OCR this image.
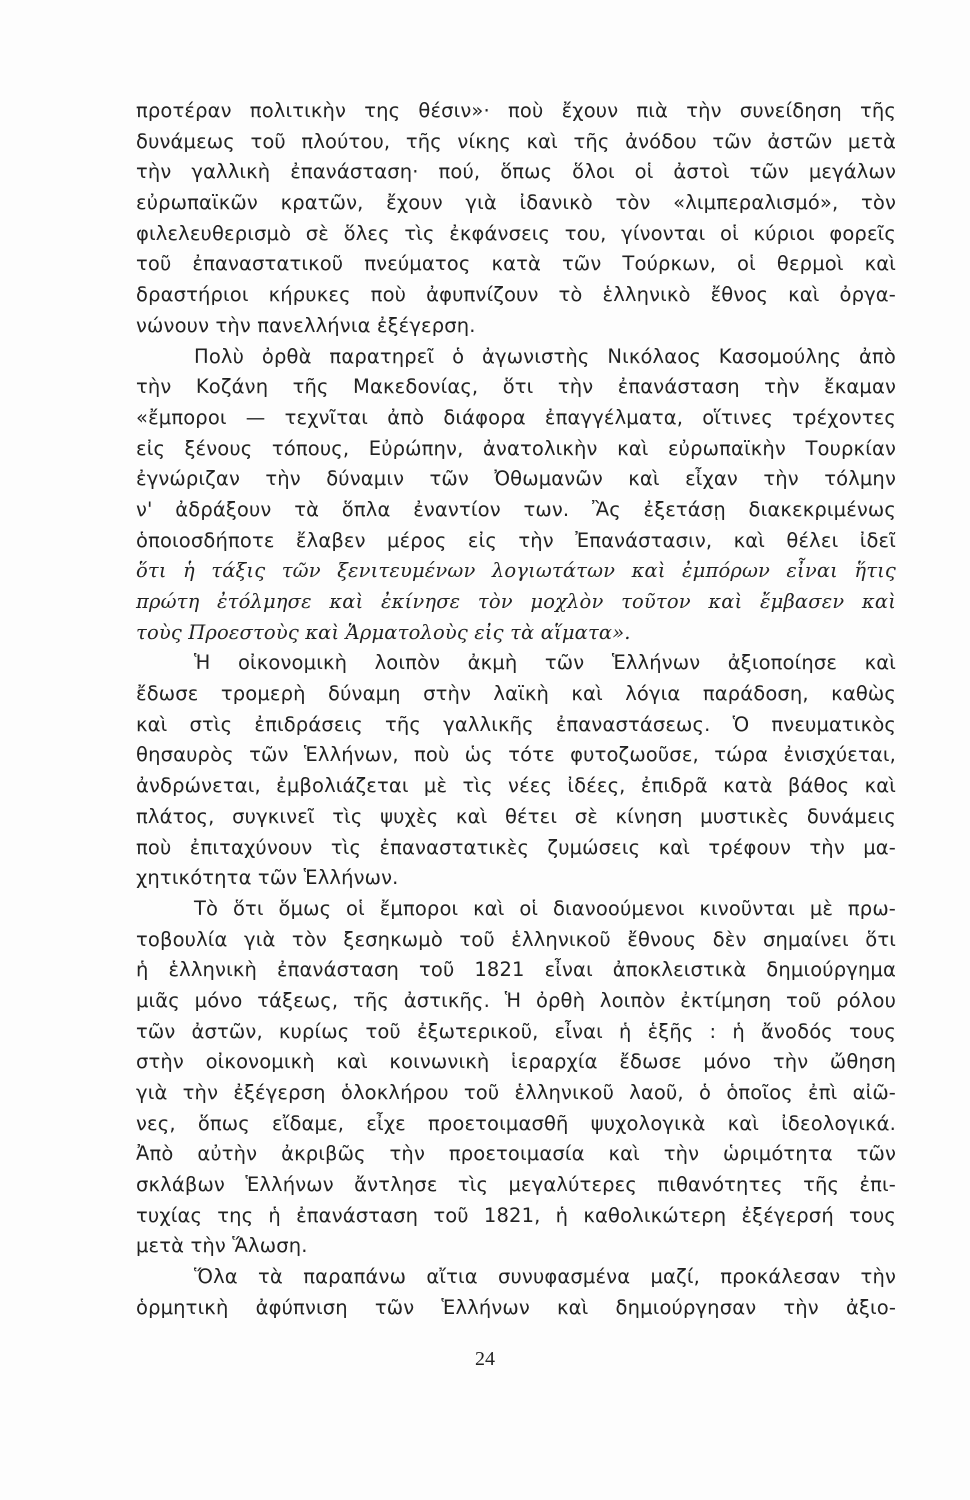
προτέραν πολιτικὴν της θέσιν»· ποὺ ἔχουν πιὰ τὴν συνείδηση τῆς
δυνάμεως τοῦ πλούτου, τῆς νίκης καὶ τῆς ἀνόδου τῶν ἀστῶν μετὰ
τὴν γαλλικὴ ἐπανάσταση· πού, ὅπως ὅλοι οἱ ἀστοὶ τῶν μεγάλων
εὐρωπαϊκῶν κρατῶν, ἔχουν γιὰ ἰδανικὸ τὸν «λιμπεραλισμό», τὸν
φιλελευθερισμὸ σὲ ὅλες τὶς ἐκφάνσεις του, γίνονται οἱ κύριοι φορεῖς
τοῦ ἐπαναστατικοῦ πνεύματος κατὰ τῶν Τούρκων, οἱ θερμοὶ καὶ
δραστήριοι κήρυκες ποὺ ἀφυπνίζουν τὸ ἑλληνικὸ ἔθνος καὶ ὀργα-
νώνουν τὴν πανελλήνια ἐξέγερση.
Πολὺ ὀρθὰ παρατηρεῖ ὁ ἀγωνιστὴς Νικόλαος Κασομούλης ἀπὸ
τὴν Κοζάνη τῆς Μακεδονίας, ὅτι τὴν ἐπανάσταση τὴν ἔκαμαν
«ἔμποροι — τεχνῖται ἀπὸ διάφορα ἐπαγγέλματα, οἵτινες τρέχοντες
εἰς ξένους τόπους, Εὐρώπην, ἀνατολικὴν καὶ εὐρωπαϊκὴν Τουρκίαν
ἐγνώριζαν τὴν δύναμιν τῶν Ὀθωμανῶν καὶ εἶχαν τὴν τόλμην
ν' ἀδράξουν τὰ ὅπλα ἐναντίον των. Ἂς ἐξετάσῃ διακεκριμένως
ὁποιοσδήποτε ἔλαβεν μέρος εἰς τὴν Ἐπανάστασιν, καὶ θέλει ἰδεῖ
ὅτι ἡ τάξις τῶν ξενιτευμένων λογιωτάτων καὶ ἐμπόρων εἶναι ἥτις
πρώτη ἐτόλμησε καὶ ἐκίνησε τὸν μοχλὸν τοῦτον καὶ ἔμβασεν καὶ
τοὺς Προεστοὺς καὶ Ἁρματολοὺς εἰς τὰ αἵματα».
Ἡ οἰκονομικὴ λοιπὸν ἀκμὴ τῶν Ἑλλήνων ἀξιοποίησε καὶ
ἔδωσε τρομερὴ δύναμη στὴν λαϊκὴ καὶ λόγια παράδοση, καθὼς
καὶ στὶς ἐπιδράσεις τῆς γαλλικῆς ἐπαναστάσεως. Ὁ πνευματικὸς
θησαυρὸς τῶν Ἑλλήνων, ποὺ ὡς τότε φυτοζωοῦσε, τώρα ἐνισχύεται,
ἀνδρώνεται, ἐμβολιάζεται μὲ τὶς νέες ἰδέες, ἐπιδρᾶ κατὰ βάθος καὶ
πλάτος, συγκινεῖ τὶς ψυχὲς καὶ θέτει σὲ κίνηση μυστικὲς δυνάμεις
ποὺ ἐπιταχύνουν τὶς ἐπαναστατικὲς ζυμώσεις καὶ τρέφουν τὴν μα-
χητικότητα τῶν Ἑλλήνων.
Τὸ ὅτι ὅμως οἱ ἔμποροι καὶ οἱ διανοούμενοι κινοῦνται μὲ πρω-
τοβουλία γιὰ τὸν ξεσηκωμὸ τοῦ ἑλληνικοῦ ἔθνους δὲν σημαίνει ὅτι
ἡ ἑλληνικὴ ἐπανάσταση τοῦ 1821 εἶναι ἀποκλειστικὰ δημιούργημα
μιᾶς μόνο τάξεως, τῆς ἀστικῆς. Ἡ ὀρθὴ λοιπὸν ἐκτίμηση τοῦ ρόλου
τῶν ἀστῶν, κυρίως τοῦ ἐξωτερικοῦ, εἶναι ἡ ἑξῆς : ἡ ἄνοδός τους
στὴν οἰκονομικὴ καὶ κοινωνικὴ ἱεραρχία ἔδωσε μόνο τὴν ὤθηση
γιὰ τὴν ἐξέγερση ὁλοκλήρου τοῦ ἑλληνικοῦ λαοῦ, ὁ ὁποῖος ἐπὶ αἰῶ-
νες, ὅπως εἴδαμε, εἶχε προετοιμασθῆ ψυχολογικὰ καὶ ἰδεολογικά.
Ἀπὸ αὐτὴν ἀκριβῶς τὴν προετοιμασία καὶ τὴν ὡριμότητα τῶν
σκλάβων Ἑλλήνων ἄντλησε τὶς μεγαλύτερες πιθανότητες τῆς ἐπι-
τυχίας της ἡ ἐπανάσταση τοῦ 1821, ἡ καθολικώτερη ἐξέγερσή τους
μετὰ τὴν Ἅλωση.
Ὅλα τὰ παραπάνω αἴτια συνυφασμένα μαζί, προκάλεσαν τὴν
ὁρμητικὴ ἀφύπνιση τῶν Ἑλλήνων καὶ δημιούργησαν τὴν ἀξιο-
24
